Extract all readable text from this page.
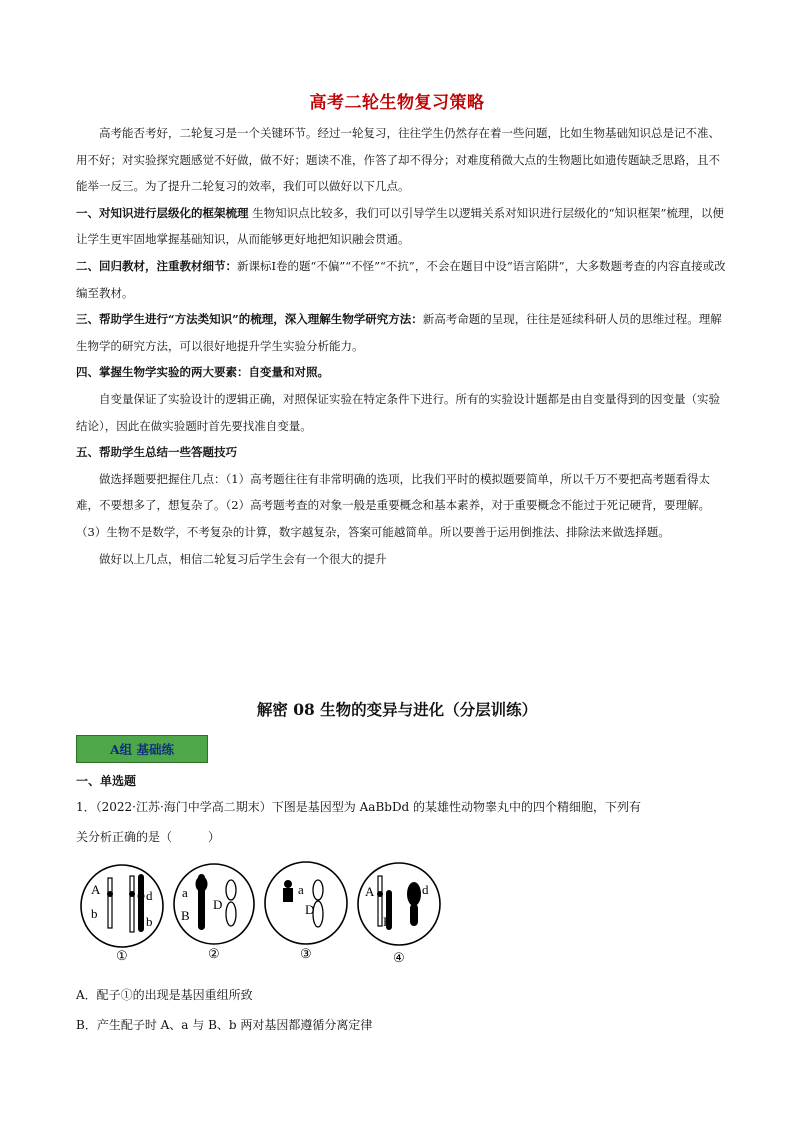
高考二轮生物复习策略

高考能否考好，二轮复习是一个关键环节。经过一轮复习，往往学生仍然存在着一些问题，比如生物基础知识总是记不准、用不好；对实验探究题感觉不好做，做不好；题读不准，作答了却不得分；对难度稍微大点的生物题比如遗传题缺乏思路，且不能举一反三。为了提升二轮复习的效率，我们可以做好以下几点。

一、对知识进行层级化的框架梳理 生物知识点比较多，我们可以引导学生以逻辑关系对知识进行层级化的“知识框架”梳理，以便让学生更牢固地掌握基础知识，从而能够更好地把知识融会贯通。

二、回归教材，注重教材细节：新课标Ⅰ卷的题“不偏”“不怪”“不抗”，不会在题目中设“语言陷阱”，大多数题考查的内容直接或改编至教材。

三、帮助学生进行“方法类知识”的梳理，深入理解生物学研究方法：新高考命题的呈现，往往是延续科研人员的思维过程。理解生物学的研究方法，可以很好地提升学生实验分析能力。

四、掌握生物学实验的两大要素：自变量和对照。

自变量保证了实验设计的逻辑正确，对照保证实验在特定条件下进行。所有的实验设计题都是由自变量得到的因变量（实验结论），因此在做实验题时首先要找准自变量。

五、帮助学生总结一些答题技巧

做选择题要把握住几点：（1）高考题往往有非常明确的选项，比我们平时的模拟题要简单，所以千万不要把高考题看得太难，不要想多了，想复杂了。（2）高考题考查的对象一般是重要概念和基本素养，对于重要概念不能过于死记硬背，要理解。（3）生物不是数学，不考复杂的计算，数字越复杂，答案可能越简单。所以要善于运用倒推法、排除法来做选择题。

做好以上几点，相信二轮复习后学生会有一个很大的提升

解密 08 生物的变异与进化（分层训练）
A组 基础练
一、单选题
1．（2022·江苏·海门中学高二期末）下图是基因型为 AaBbDd 的某雄性动物睾丸中的四个精细胞，下列有
关分析正确的是（　　　）
A
b
d
b
a
B
D
a
D
A
B
d
①	②	③	④
A．配子①的出现是基因重组所致
B．产生配子时 A、a 与 B、b 两对基因都遵循分离定律
